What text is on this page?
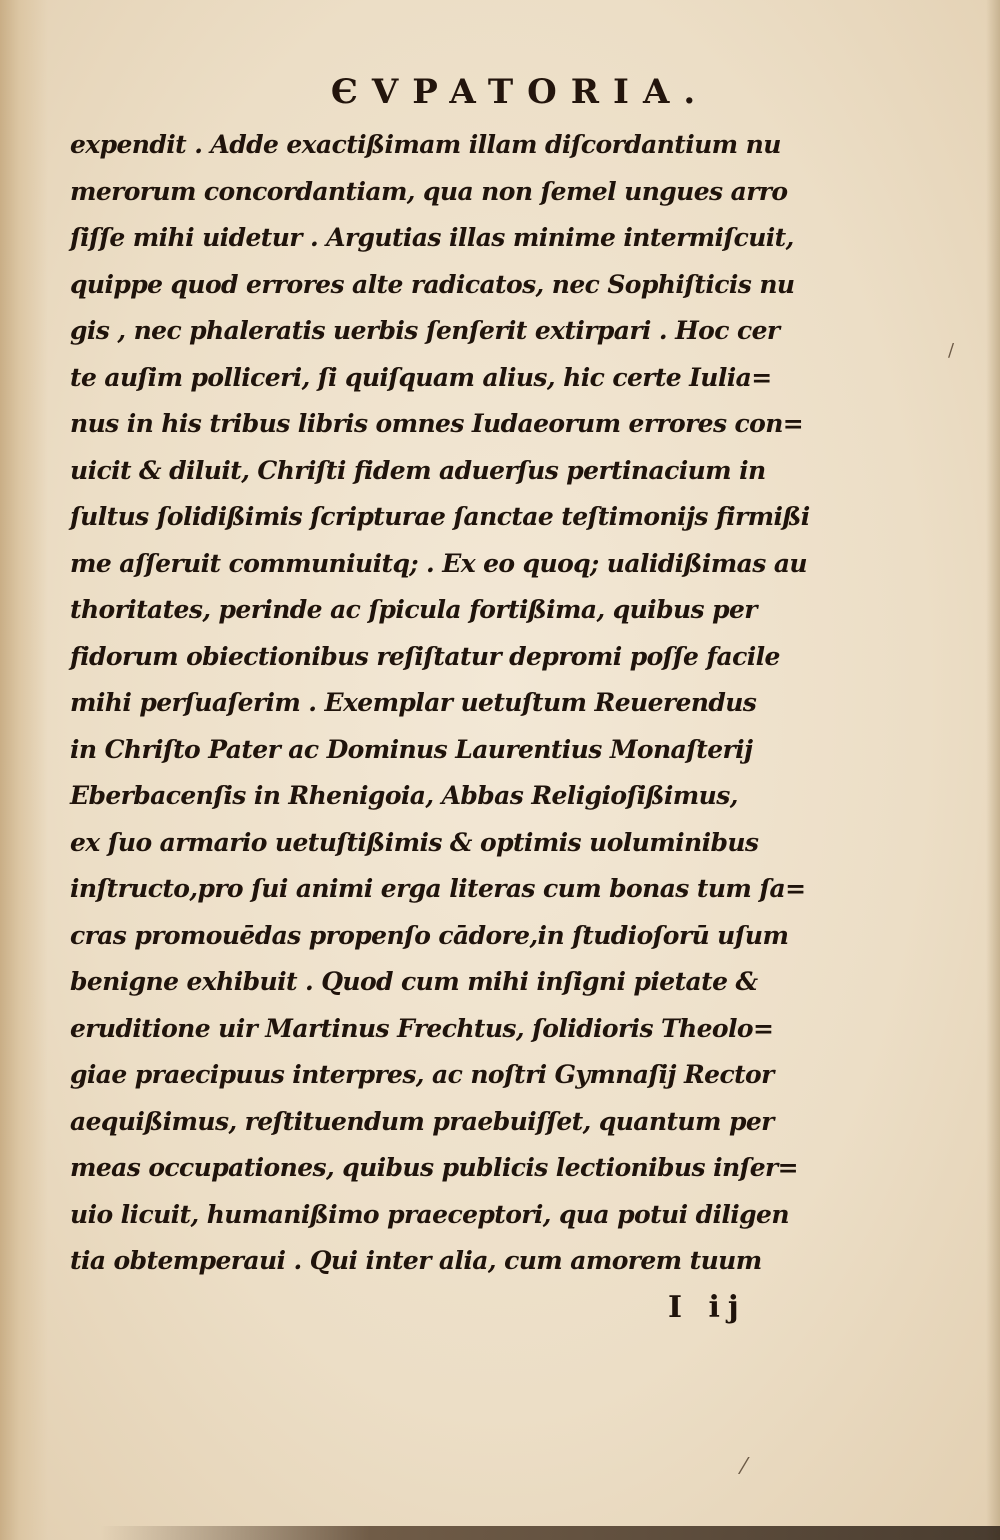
ЄVPATORIA.
expendit . Adde exactißimam illam diſcordantium nu
merorum concordantiam, qua non ſemel ungues arro
ſiſſe mihi uidetur . Argutias illas minime intermiſcuit,
quippe quod errores alte radicatos, nec Sophiſticis nu
gis , nec phaleratis uerbis ſenſerit extirpari . Hoc cer
te auſim polliceri, ſi quiſquam alius, hic certe Iulia=
nus in his tribus libris omnes Iudaeorum errores con=
uicit & diluit, Chriſti fidem aduerſus pertinacium in
ſultus ſolidißimis ſcripturae ſanctae teſtimonijs firmißi
me aſſeruit communiuitq; . Ex eo quoq; ualidißimas au
thoritates, perinde ac ſpicula fortißima, quibus per
fidorum obiectionibus reſiſtatur depromi poſſe facile
mihi perſuaſerim . Exemplar uetuſtum Reuerendus
in Chriſto Pater ac Dominus Laurentius Monaſterij
Eberbacenſis in Rhenigoia, Abbas Religioſißimus,
ex ſuo armario uetuſtißimis & optimis uoluminibus
inſtructo,pro ſui animi erga literas cum bonas tum ſa=
cras promouēdas propenſo cādore,in ſtudioſorū uſum
benigne exhibuit . Quod cum mihi inſigni pietate &
eruditione uir Martinus Frechtus, ſolidioris Theolo=
giae praecipuus interpres, ac noſtri Gymnaſij Rector
aequißimus, reſtituendum praebuiſſet, quantum per
meas occupationes, quibus publicis lectionibus inſer=
uio licuit, humanißimo praeceptori, qua potui diligen
tia obtemperaui . Qui inter alia, cum amorem tuum
I ij
⁄
/
